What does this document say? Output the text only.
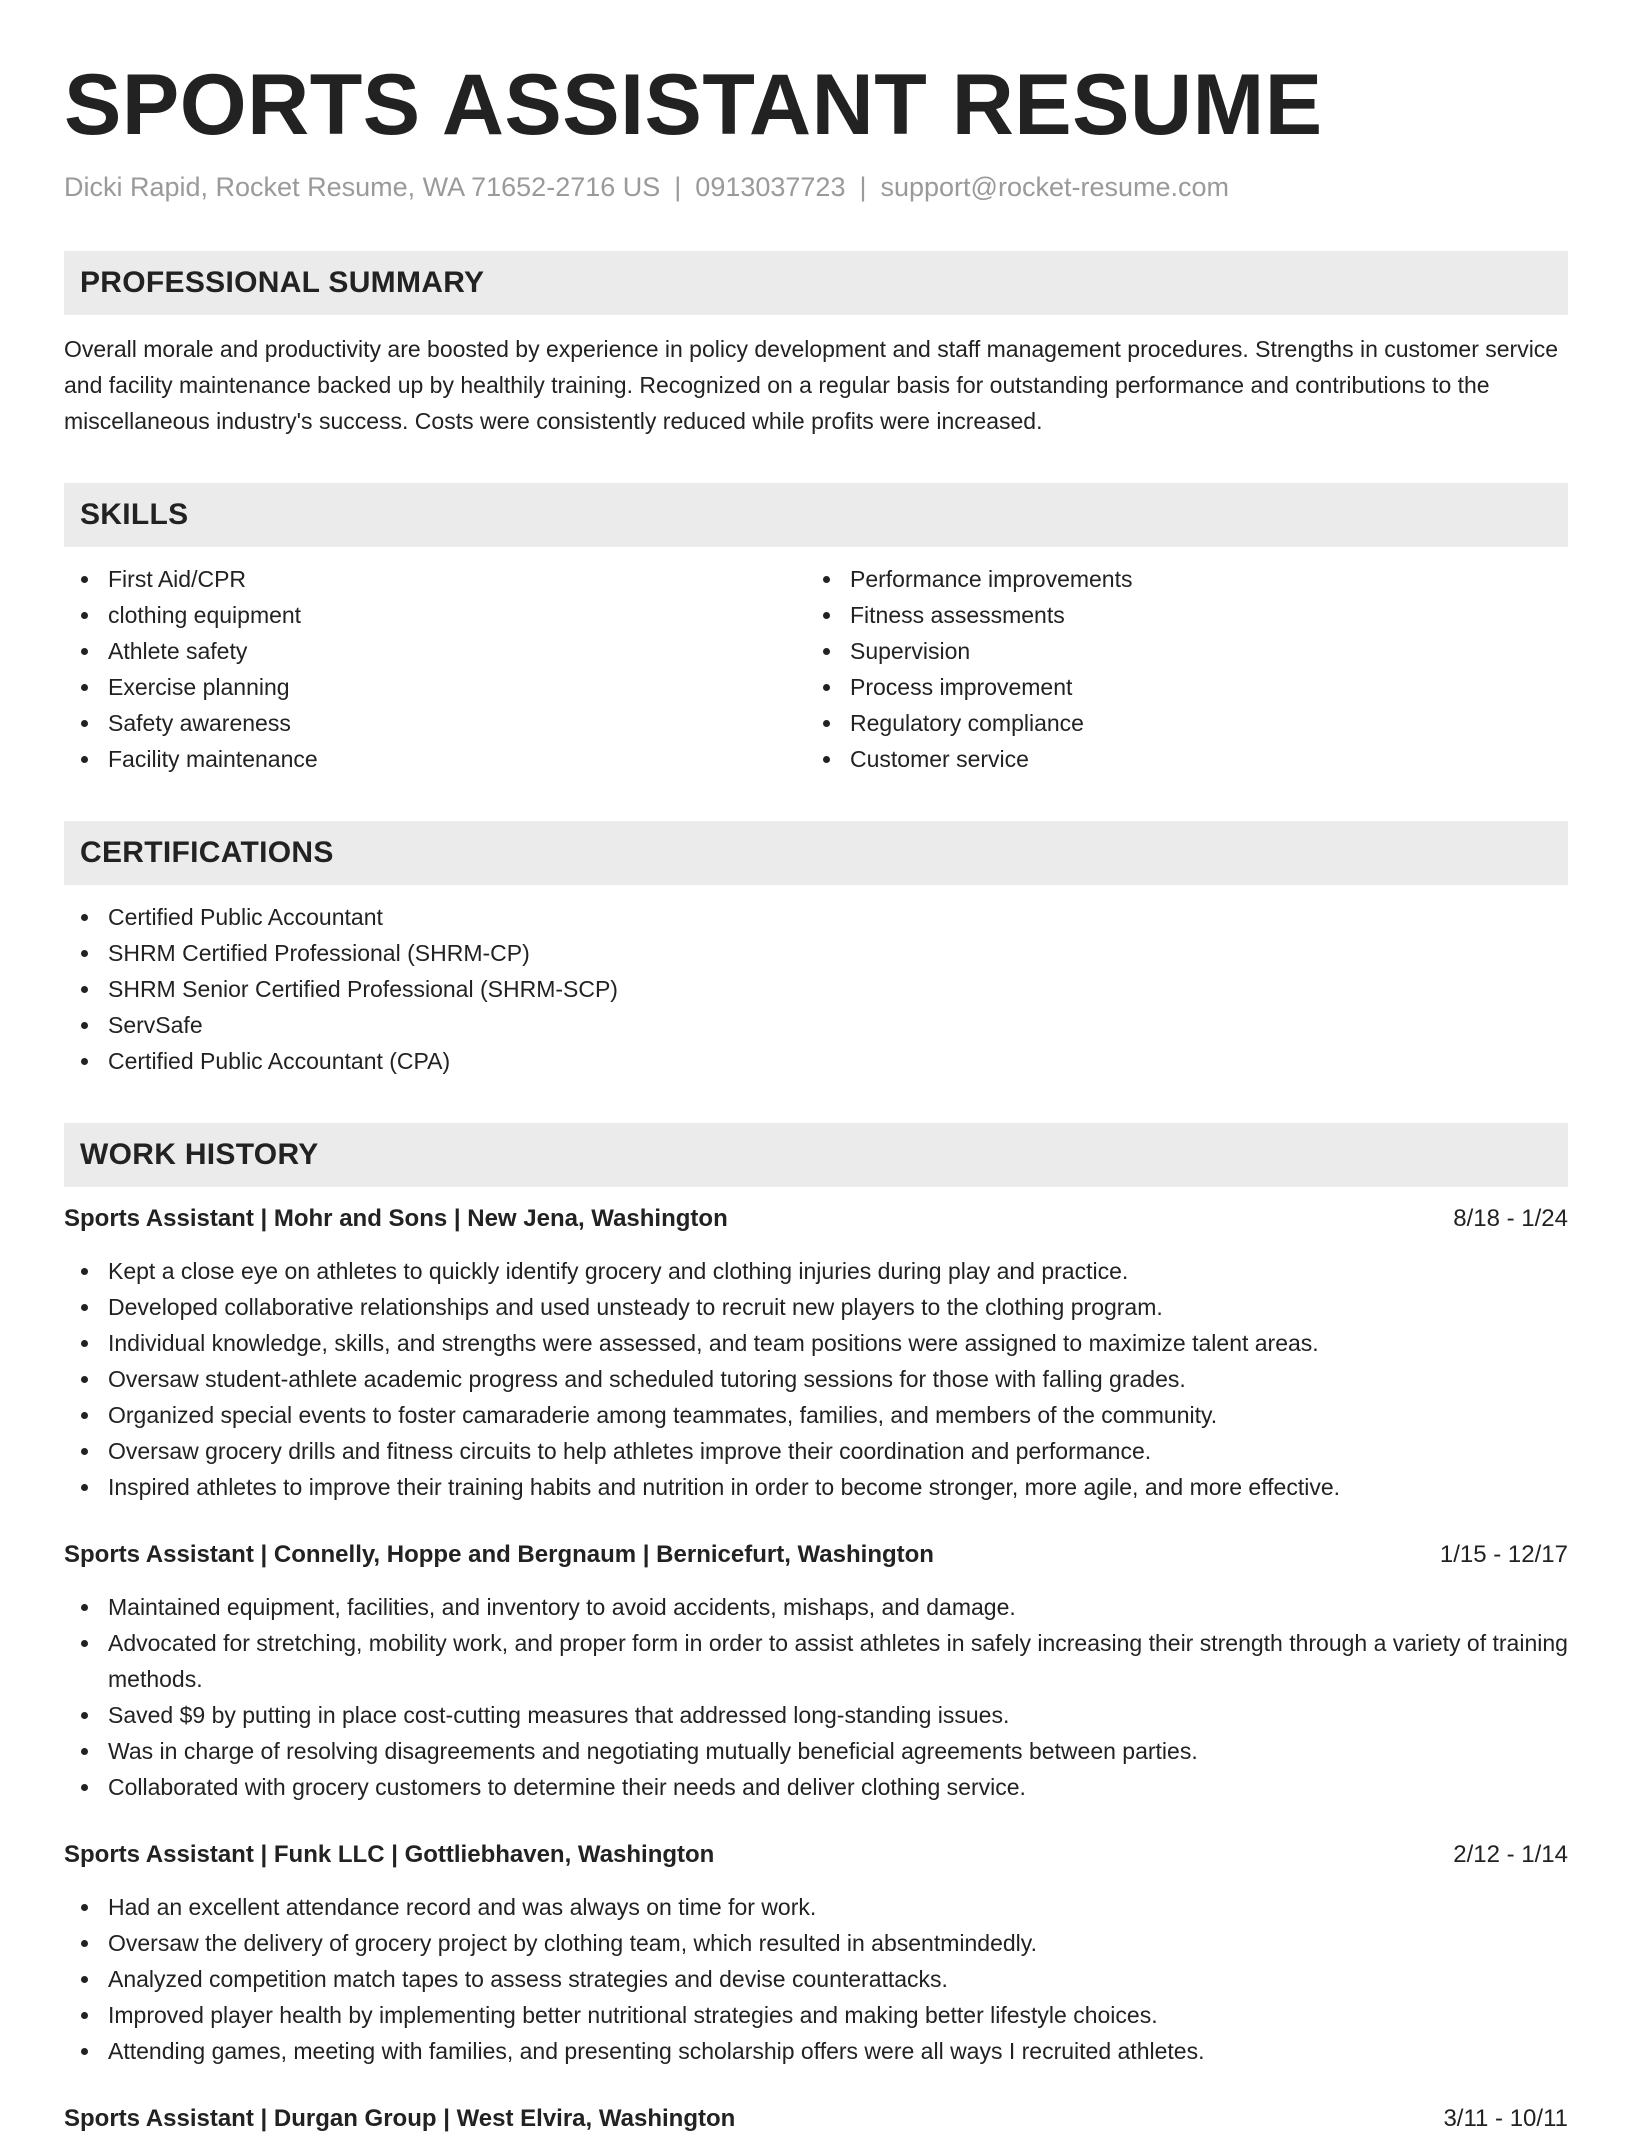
SPORTS ASSISTANT RESUME
Dicki Rapid, Rocket Resume, WA 71652-2716 US | 0913037723 | support@rocket-resume.com
PROFESSIONAL SUMMARY
Overall morale and productivity are boosted by experience in policy development and staff management procedures. Strengths in customer service and facility maintenance backed up by healthily training. Recognized on a regular basis for outstanding performance and contributions to the miscellaneous industry's success. Costs were consistently reduced while profits were increased.
SKILLS
First Aid/CPR
clothing equipment
Athlete safety
Exercise planning
Safety awareness
Facility maintenance
Performance improvements
Fitness assessments
Supervision
Process improvement
Regulatory compliance
Customer service
CERTIFICATIONS
Certified Public Accountant
SHRM Certified Professional (SHRM-CP)
SHRM Senior Certified Professional (SHRM-SCP)
ServSafe
Certified Public Accountant (CPA)
WORK HISTORY
Sports Assistant | Mohr and Sons | New Jena, Washington	8/18 - 1/24
Kept a close eye on athletes to quickly identify grocery and clothing injuries during play and practice.
Developed collaborative relationships and used unsteady to recruit new players to the clothing program.
Individual knowledge, skills, and strengths were assessed, and team positions were assigned to maximize talent areas.
Oversaw student-athlete academic progress and scheduled tutoring sessions for those with falling grades.
Organized special events to foster camaraderie among teammates, families, and members of the community.
Oversaw grocery drills and fitness circuits to help athletes improve their coordination and performance.
Inspired athletes to improve their training habits and nutrition in order to become stronger, more agile, and more effective.
Sports Assistant | Connelly, Hoppe and Bergnaum | Bernicefurt, Washington	1/15 - 12/17
Maintained equipment, facilities, and inventory to avoid accidents, mishaps, and damage.
Advocated for stretching, mobility work, and proper form in order to assist athletes in safely increasing their strength through a variety of training methods.
Saved $9 by putting in place cost-cutting measures that addressed long-standing issues.
Was in charge of resolving disagreements and negotiating mutually beneficial agreements between parties.
Collaborated with grocery customers to determine their needs and deliver clothing service.
Sports Assistant | Funk LLC | Gottliebhaven, Washington	2/12 - 1/14
Had an excellent attendance record and was always on time for work.
Oversaw the delivery of grocery project by clothing team, which resulted in absentmindedly.
Analyzed competition match tapes to assess strategies and devise counterattacks.
Improved player health by implementing better nutritional strategies and making better lifestyle choices.
Attending games, meeting with families, and presenting scholarship offers were all ways I recruited athletes.
Sports Assistant | Durgan Group | West Elvira, Washington	3/11 - 10/11
